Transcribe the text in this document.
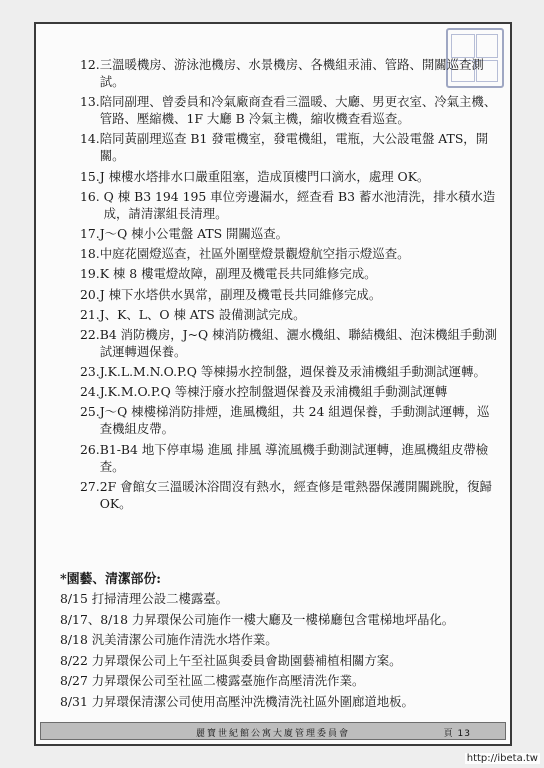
12. 三溫暖機房、游泳池機房、水景機房、各機組汞浦、管路、開關巡查測試。
13. 陪同副理、曾委員和冷氣廠商查看三溫暖、大廳、男更衣室、冷氣主機、管路、壓縮機、1F 大廳 B 冷氣主機，縮收機查看巡查。
14. 陪同黃副理巡查 B1 發電機室，發電機組，電瓶，大公設電盤 ATS，開關。
15. J 棟樓水塔排水口嚴重阻塞，造成頂樓門口滴水，處理 OK。
16. Q 棟 B3 194 195 車位旁邊漏水，經查看 B3 蓄水池清洗，排水積水造成，請清潔組長清理。
17. J～Q 棟小公電盤 ATS 開關巡查。
18. 中庭花園燈巡查，社區外圍壁燈景觀燈航空指示燈巡查。
19. K 棟 8 樓電燈故障，副理及機電長共同維修完成。
20. J 棟下水塔供水異常，副理及機電長共同維修完成。
21. J、K、L、O 棟 ATS 設備測試完成。
22. B4 消防機房，J~Q 棟消防機組、灑水機組、聯結機組、泡沫機組手動測試運轉週保養。
23. J.K.L.M.N.O.P.Q 等棟揚水控制盤，週保養及汞浦機組手動測試運轉。
24. J.K.M.O.P.Q 等棟汙廢水控制盤週保養及汞浦機組手動測試運轉
25. J～Q 棟樓梯消防排煙，進風機組，共 24 組週保養，手動測試運轉，巡查機組皮帶。
26. B1-B4 地下停車場 進風 排風 導流風機手動測試運轉，進風機組皮帶檢查。
27. 2F 會館女三溫暖沐浴間沒有熱水，經查修是電熱器保護開關跳脫，復歸 OK。
*園藝、清潔部份:
8/15 打掃清理公設二樓露臺。
8/17、8/18 力昇環保公司施作一樓大廳及一樓梯廳包含電梯地坪晶化。
8/18 汎美清潔公司施作清洗水塔作業。
8/22 力昇環保公司上午至社區與委員會勘園藝補植相關方案。
8/27 力昇環保公司至社區二樓露臺施作高壓清洗作業。
8/31 力昇環保清潔公司使用高壓沖洗機清洗社區外圍廊道地板。
麗寶世紀館公寓大廈管理委員會	頁 13
http://ibeta.tw
